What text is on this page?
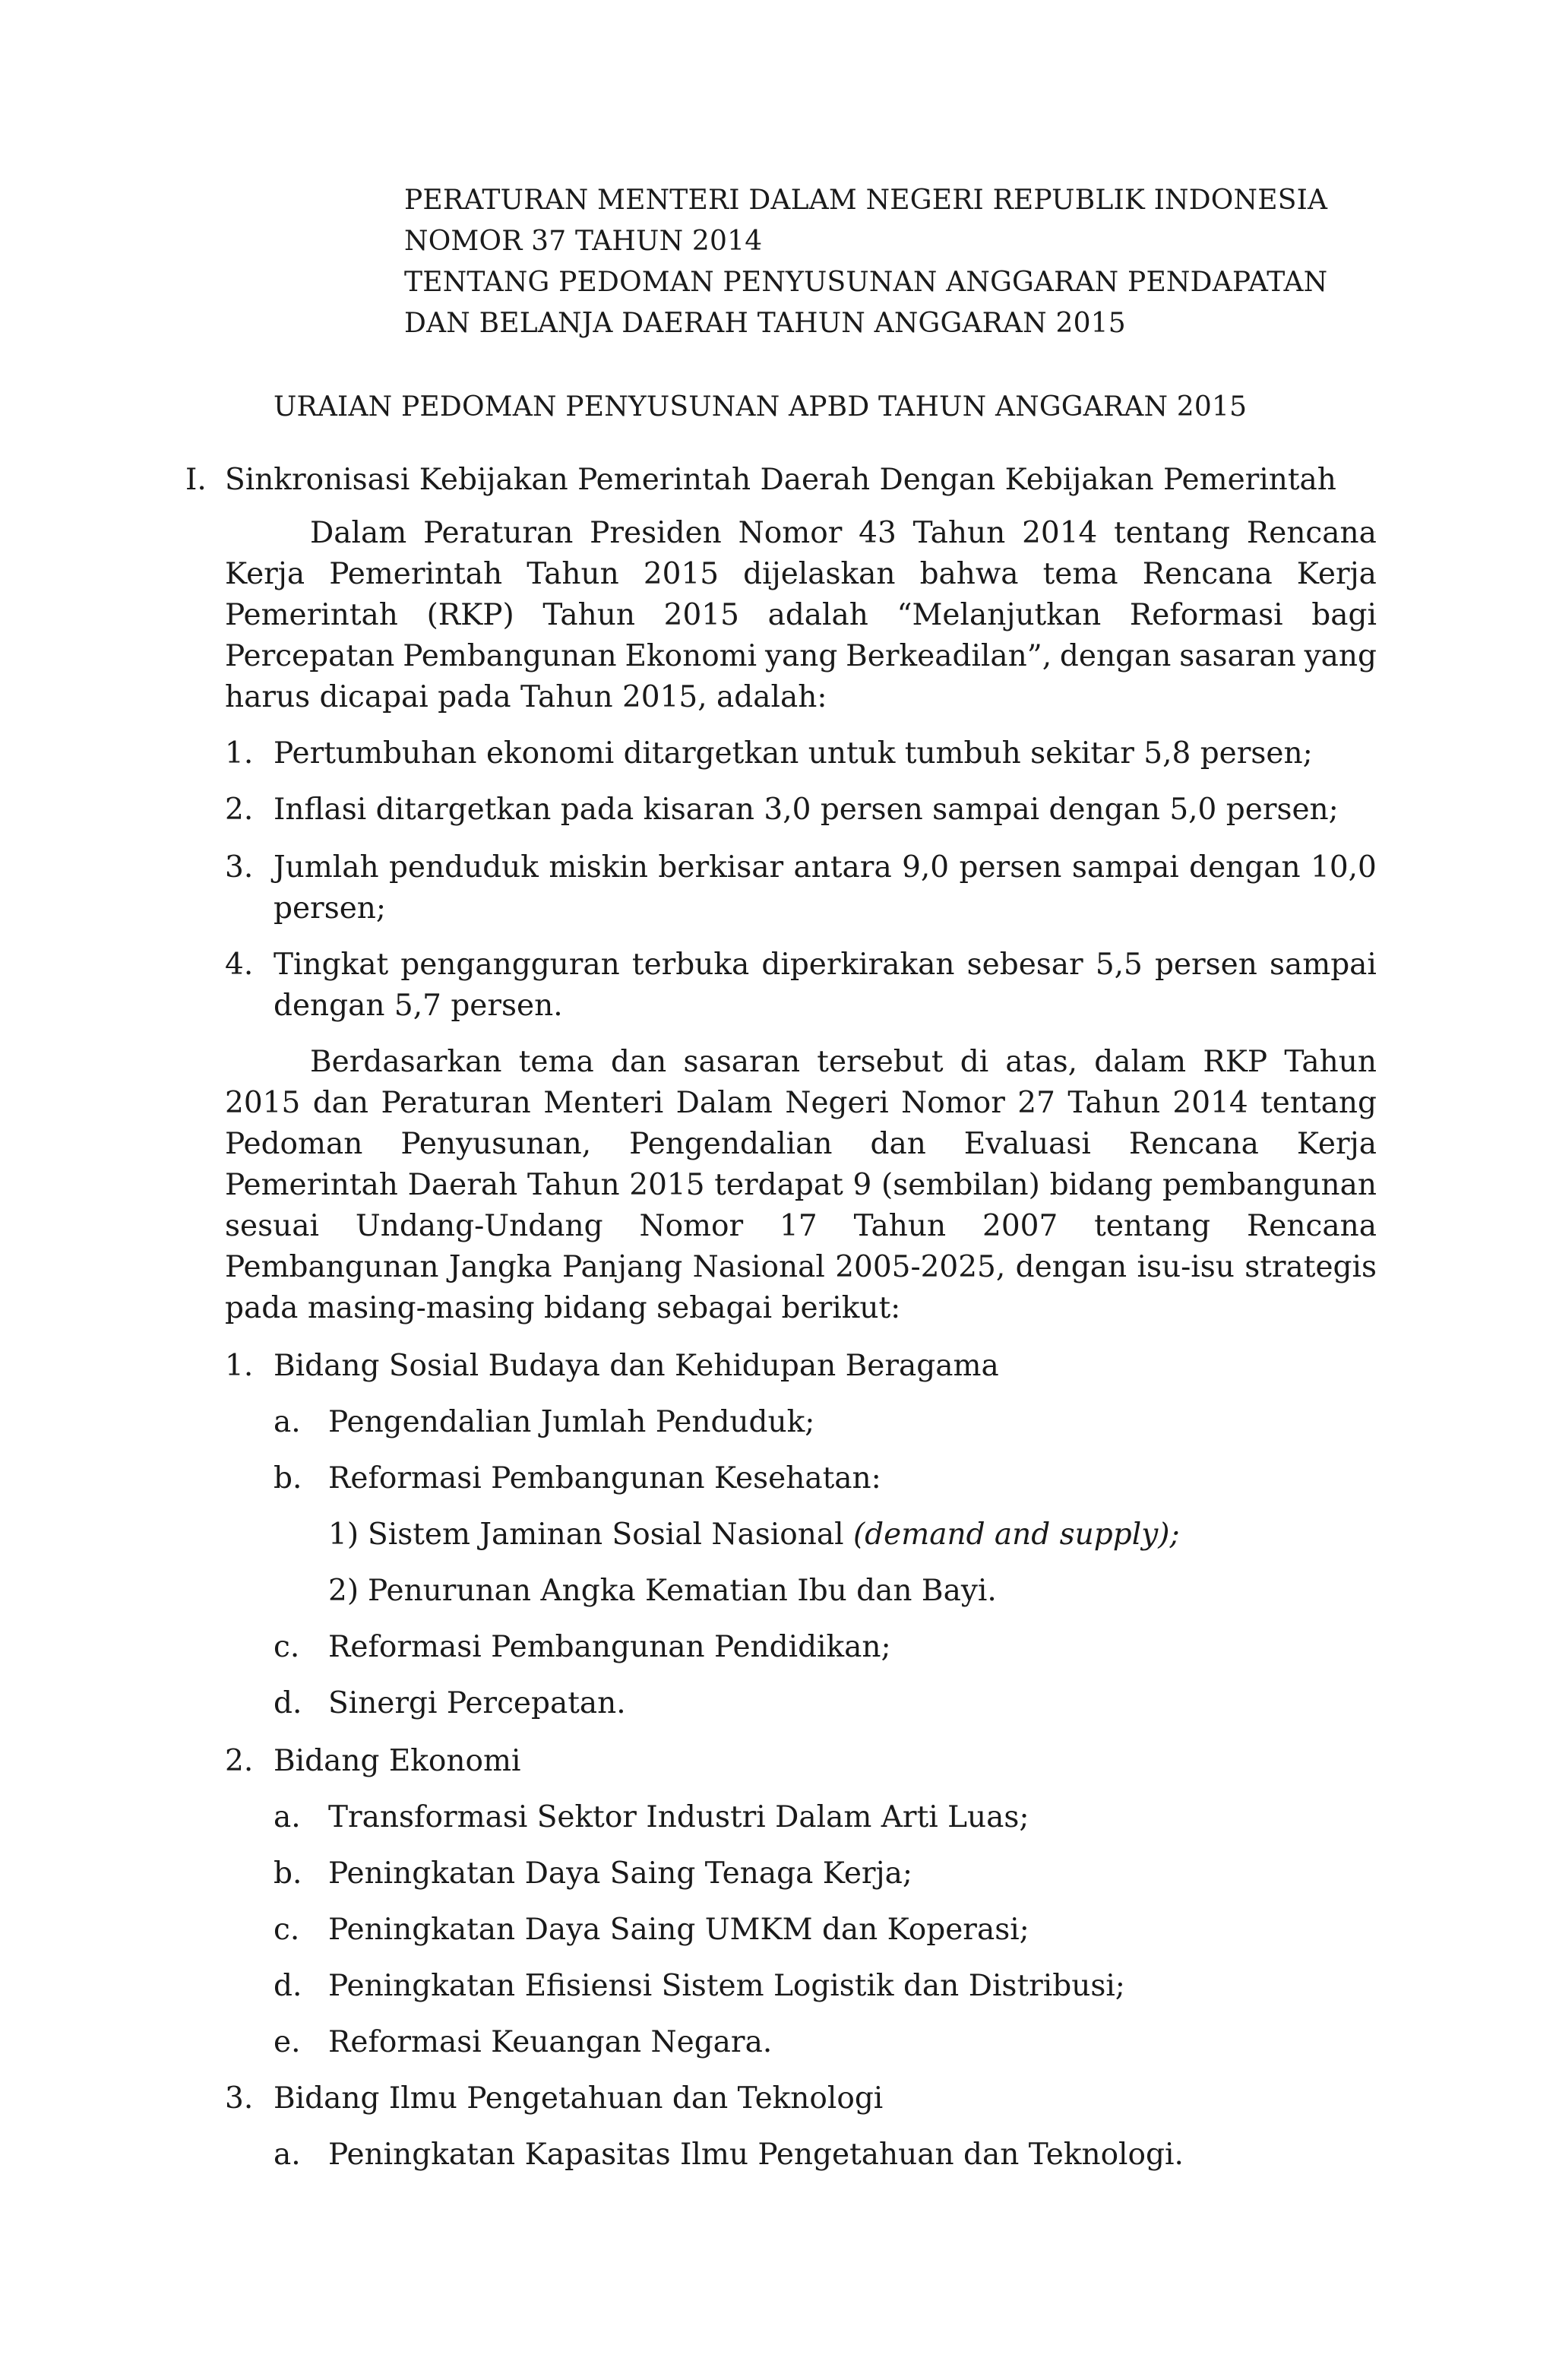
PERATURAN MENTERI DALAM NEGERI REPUBLIK INDONESIA
NOMOR 37 TAHUN 2014
TENTANG PEDOMAN PENYUSUNAN ANGGARAN PENDAPATAN
DAN BELANJA DAERAH TAHUN ANGGARAN 2015
URAIAN PEDOMAN PENYUSUNAN APBD TAHUN ANGGARAN 2015
I. Sinkronisasi Kebijakan Pemerintah Daerah Dengan Kebijakan Pemerintah
Dalam Peraturan Presiden Nomor 43 Tahun 2014 tentang Rencana
Kerja Pemerintah Tahun 2015 dijelaskan bahwa tema Rencana Kerja
Pemerintah (RKP) Tahun 2015 adalah “Melanjutkan Reformasi bagi
Percepatan Pembangunan Ekonomi yang Berkeadilan”, dengan sasaran yang
harus dicapai pada Tahun 2015, adalah:
1. Pertumbuhan ekonomi ditargetkan untuk tumbuh sekitar 5,8 persen;
2. Inflasi ditargetkan pada kisaran 3,0 persen sampai dengan 5,0 persen;
3. Jumlah penduduk miskin berkisar antara 9,0 persen sampai dengan 10,0
persen;
4. Tingkat pengangguran terbuka diperkirakan sebesar 5,5 persen sampai
dengan 5,7 persen.
Berdasarkan tema dan sasaran tersebut di atas, dalam RKP Tahun
2015 dan Peraturan Menteri Dalam Negeri Nomor 27 Tahun 2014 tentang
Pedoman Penyusunan, Pengendalian dan Evaluasi Rencana Kerja
Pemerintah Daerah Tahun 2015 terdapat 9 (sembilan) bidang pembangunan
sesuai Undang-Undang Nomor 17 Tahun 2007 tentang Rencana
Pembangunan Jangka Panjang Nasional 2005-2025, dengan isu-isu strategis
pada masing-masing bidang sebagai berikut:
1. Bidang Sosial Budaya dan Kehidupan Beragama
a. Pengendalian Jumlah Penduduk;
b. Reformasi Pembangunan Kesehatan:
1) Sistem Jaminan Sosial Nasional (demand and supply);
2) Penurunan Angka Kematian Ibu dan Bayi.
c. Reformasi Pembangunan Pendidikan;
d. Sinergi Percepatan.
2. Bidang Ekonomi
a. Transformasi Sektor Industri Dalam Arti Luas;
b. Peningkatan Daya Saing Tenaga Kerja;
c. Peningkatan Daya Saing UMKM dan Koperasi;
d. Peningkatan Efisiensi Sistem Logistik dan Distribusi;
e. Reformasi Keuangan Negara.
3. Bidang Ilmu Pengetahuan dan Teknologi
a. Peningkatan Kapasitas Ilmu Pengetahuan dan Teknologi.
